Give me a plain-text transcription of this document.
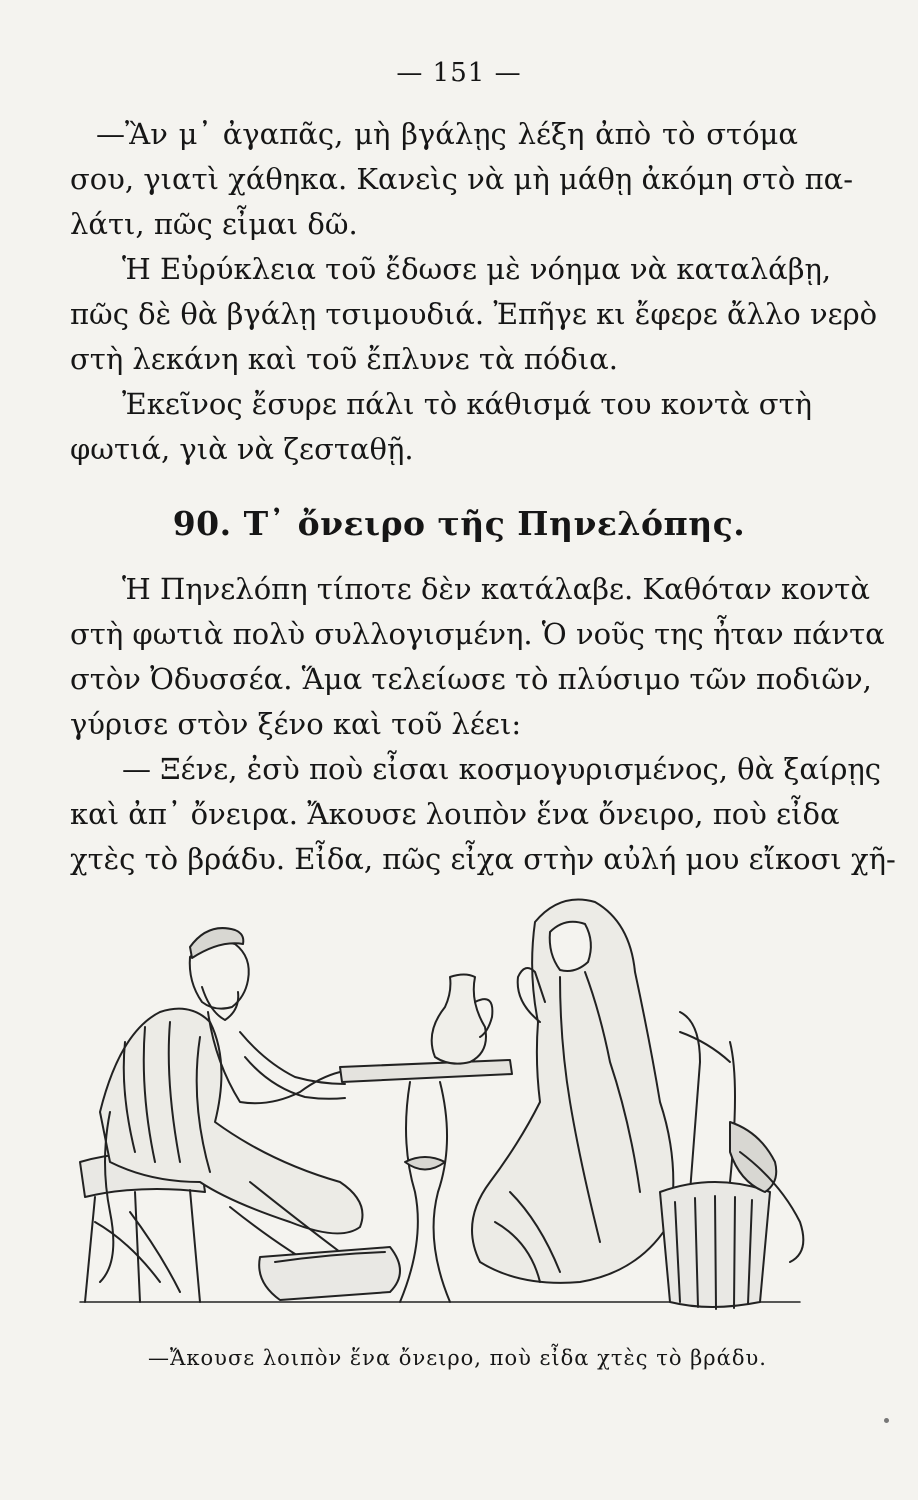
— 151 —
—Ἂν μ᾽ ἀγαπᾶς, μὴ βγάλῃς λέξη ἀπὸ τὸ στόμα
σου, γιατὶ χάθηκα. Κανεὶς νὰ μὴ μάθῃ ἀκόμη στὸ πα-
λάτι, πῶς εἶμαι δῶ.
Ἡ Εὐρύκλεια τοῦ ἔδωσε μὲ νόημα νὰ καταλάβῃ,
πῶς δὲ θὰ βγάλῃ τσιμουδιά. Ἐπῆγε κι ἔφερε ἄλλο νερὸ
στὴ λεκάνη καὶ τοῦ ἔπλυνε τὰ πόδια.
Ἐκεῖνος ἔσυρε πάλι τὸ κάθισμά του κοντὰ στὴ
φωτιά, γιὰ νὰ ζεσταθῇ.
90. Τ᾽ ὄνειρο τῆς Πηνελόπης.
Ἡ Πηνελόπη τίποτε δὲν κατάλαβε. Καθόταν κοντὰ
στὴ φωτιὰ πολὺ συλλογισμένη. Ὁ νοῦς της ἦταν πάντα
στὸν Ὀδυσσέα. Ἅμα τελείωσε τὸ πλύσιμο τῶν ποδιῶν,
γύρισε στὸν ξένο καὶ τοῦ λέει:
— Ξένε, ἐσὺ ποὺ εἶσαι κοσμογυρισμένος, θὰ ξαίρῃς
καὶ ἀπ᾽ ὄνειρα. Ἄκουσε λοιπὸν ἕνα ὄνειρο, ποὺ εἶδα
χτὲς τὸ βράδυ. Εἶδα, πῶς εἶχα στὴν αὐλή μου εἴκοσι χῆ-
—Ἄκουσε λοιπὸν ἕνα ὄνειρο, ποὺ εἶδα χτὲς τὸ βράδυ.
